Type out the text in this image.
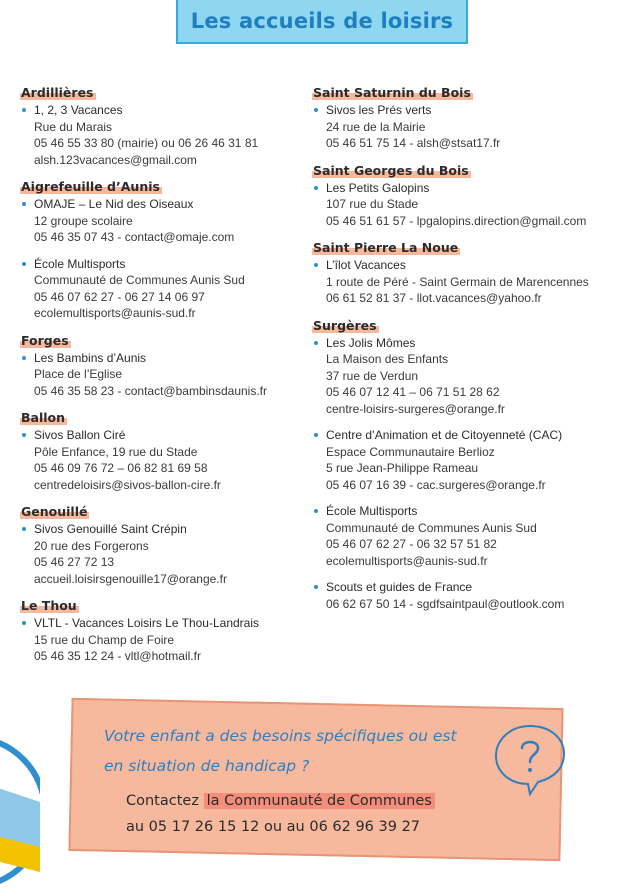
Les accueils de loisirs
Ardillières
1, 2, 3 Vacances
Rue du Marais
05 46 55 33 80 (mairie) ou 06 26 46 31 81
alsh.123vacances@gmail.com
Aigrefeuille d’Aunis
OMAJE – Le Nid des Oiseaux
12 groupe scolaire
05 46 35 07 43 - contact@omaje.com
École Multisports
Communauté de Communes Aunis Sud
05 46 07 62 27 - 06 27 14 06 97
ecolemultisports@aunis-sud.fr
Forges
Les Bambins d’Aunis
Place de l’Eglise
05 46 35 58 23 - contact@bambinsdaunis.fr
Ballon
Sivos Ballon Ciré
Pôle Enfance, 19 rue du Stade
05 46 09 76 72 – 06 82 81 69 58
centredeloisirs@sivos-ballon-cire.fr
Genouillé
Sivos Genouillé Saint Crépin
20 rue des Forgerons
05 46 27 72 13
accueil.loisirsgenouille17@orange.fr
Le Thou
VLTL - Vacances Loisirs Le Thou-Landrais
15 rue du Champ de Foire
05 46 35 12 24 - vltl@hotmail.fr
Saint Saturnin du Bois
Sivos les Prés verts
24 rue de la Mairie
05 46 51 75 14 - alsh@stsat17.fr
Saint Georges du Bois
Les Petits Galopins
107 rue du Stade
05 46 51 61 57 - lpgalopins.direction@gmail.com
Saint Pierre La Noue
L’îlot Vacances
1 route de Péré - Saint Germain de Marencennes
06 61 52 81 37 - llot.vacances@yahoo.fr
Surgères
Les Jolis Mômes
La Maison des Enfants
37 rue de Verdun
05 46 07 12 41 – 06 71 51 28 62
centre-loisirs-surgeres@orange.fr
Centre d’Animation et de Citoyenneté (CAC)
Espace Communautaire Berlioz
5 rue Jean-Philippe Rameau
05 46 07 16 39 - cac.surgeres@orange.fr
École Multisports
Communauté de Communes Aunis Sud
05 46 07 62 27 - 06 32 57 51 82
ecolemultisports@aunis-sud.fr
Scouts et guides de France
06 62 67 50 14 - sgdfsaintpaul@outlook.com
Votre enfant a des besoins spécifiques ou est
en situation de handicap ?
Contactez la Communauté de Communes
au 05 17 26 15 12 ou au 06 62 96 39 27
